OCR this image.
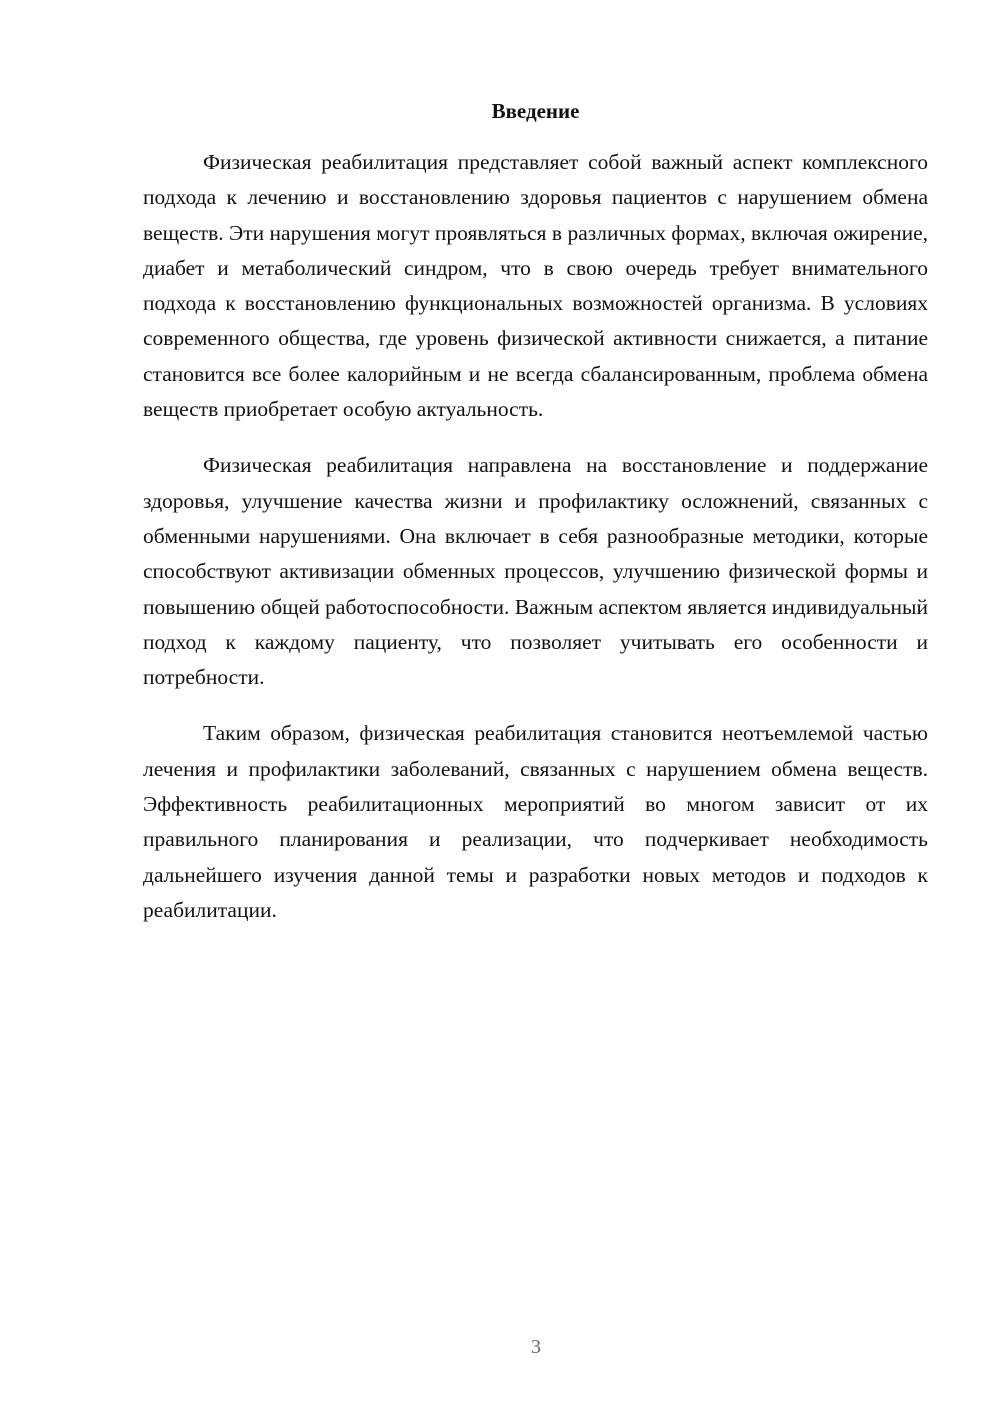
Введение

Физическая реабилитация представляет собой важный аспект комплексного подхода к лечению и восстановлению здоровья пациентов с нарушением обмена веществ. Эти нарушения могут проявляться в различных формах, включая ожирение, диабет и метаболический синдром, что в свою очередь требует внимательного подхода к восстановлению функциональных возможностей организма. В условиях современного общества, где уровень физической активности снижается, а питание становится все более калорийным и не всегда сбалансированным, проблема обмена веществ приобретает особую актуальность.

Физическая реабилитация направлена на восстановление и поддержание здоровья, улучшение качества жизни и профилактику осложнений, связанных с обменными нарушениями. Она включает в себя разнообразные методики, которые способствуют активизации обменных процессов, улучшению физической формы и повышению общей работоспособности. Важным аспектом является индивидуальный подход к каждому пациенту, что позволяет учитывать его особенности и потребности.

Таким образом, физическая реабилитация становится неотъемлемой частью лечения и профилактики заболеваний, связанных с нарушением обмена веществ. Эффективность реабилитационных мероприятий во многом зависит от их правильного планирования и реализации, что подчеркивает необходимость дальнейшего изучения данной темы и разработки новых методов и подходов к реабилитации.

3
